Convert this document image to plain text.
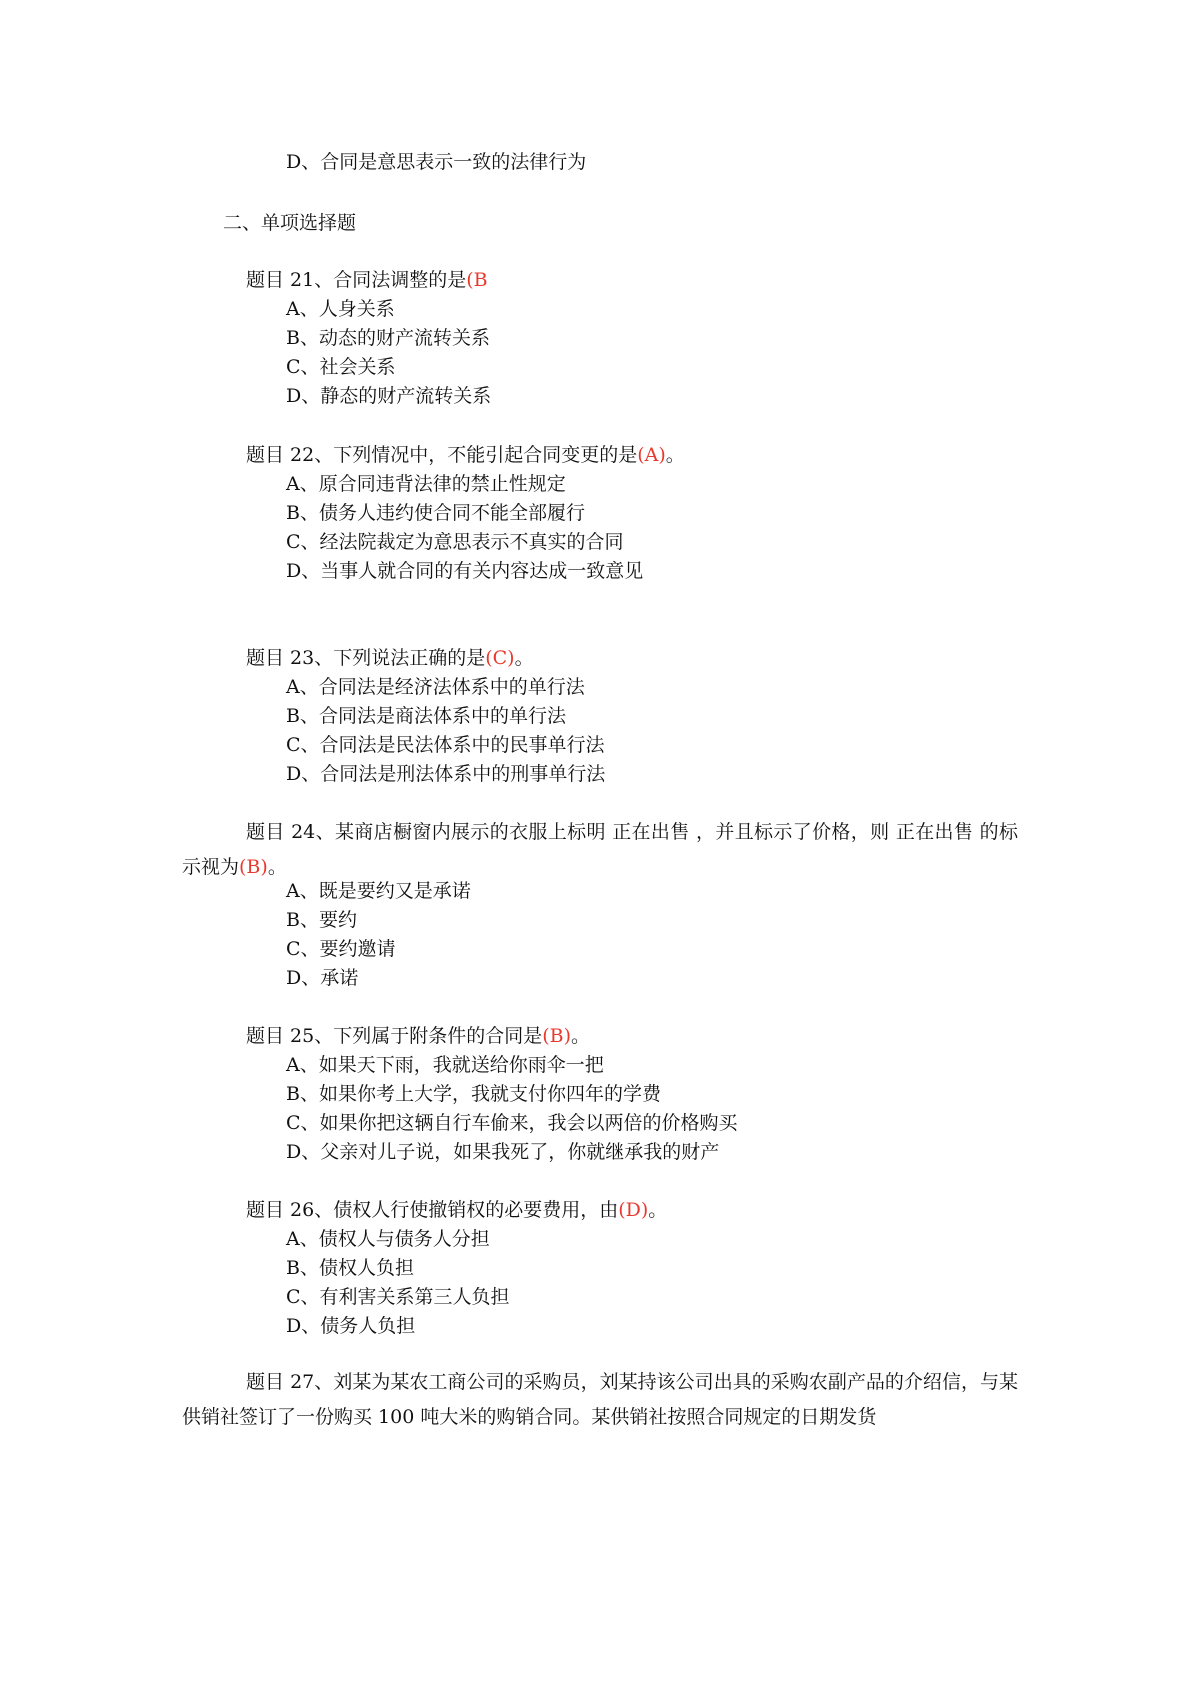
D、合同是意思表示一致的法律行为
二、单项选择题
题目 21、合同法调整的是(B
A、人身关系
B、动态的财产流转关系
C、社会关系
D、静态的财产流转关系
题目 22、下列情况中，不能引起合同变更的是(A)。
A、原合同违背法律的禁止性规定
B、债务人违约使合同不能全部履行
C、经法院裁定为意思表示不真实的合同
D、当事人就合同的有关内容达成一致意见
题目 23、下列说法正确的是(C)。
A、合同法是经济法体系中的单行法
B、合同法是商法体系中的单行法
C、合同法是民法体系中的民事单行法
D、合同法是刑法体系中的刑事单行法
题目 24、某商店橱窗内展示的衣服上标明 正在出售 ，并且标示了价格，则 正在出售 的标示视为(B)。
A、既是要约又是承诺
B、要约
C、要约邀请
D、承诺
题目 25、下列属于附条件的合同是(B)。
A、如果天下雨，我就送给你雨伞一把
B、如果你考上大学，我就支付你四年的学费
C、如果你把这辆自行车偷来，我会以两倍的价格购买
D、父亲对儿子说，如果我死了，你就继承我的财产
题目 26、债权人行使撤销权的必要费用，由(D)。
A、债权人与债务人分担
B、债权人负担
C、有利害关系第三人负担
D、债务人负担
题目 27、刘某为某农工商公司的采购员，刘某持该公司出具的采购农副产品的介绍信，与某供销社签订了一份购买 100 吨大米的购销合同。某供销社按照合同规定的日期发货
